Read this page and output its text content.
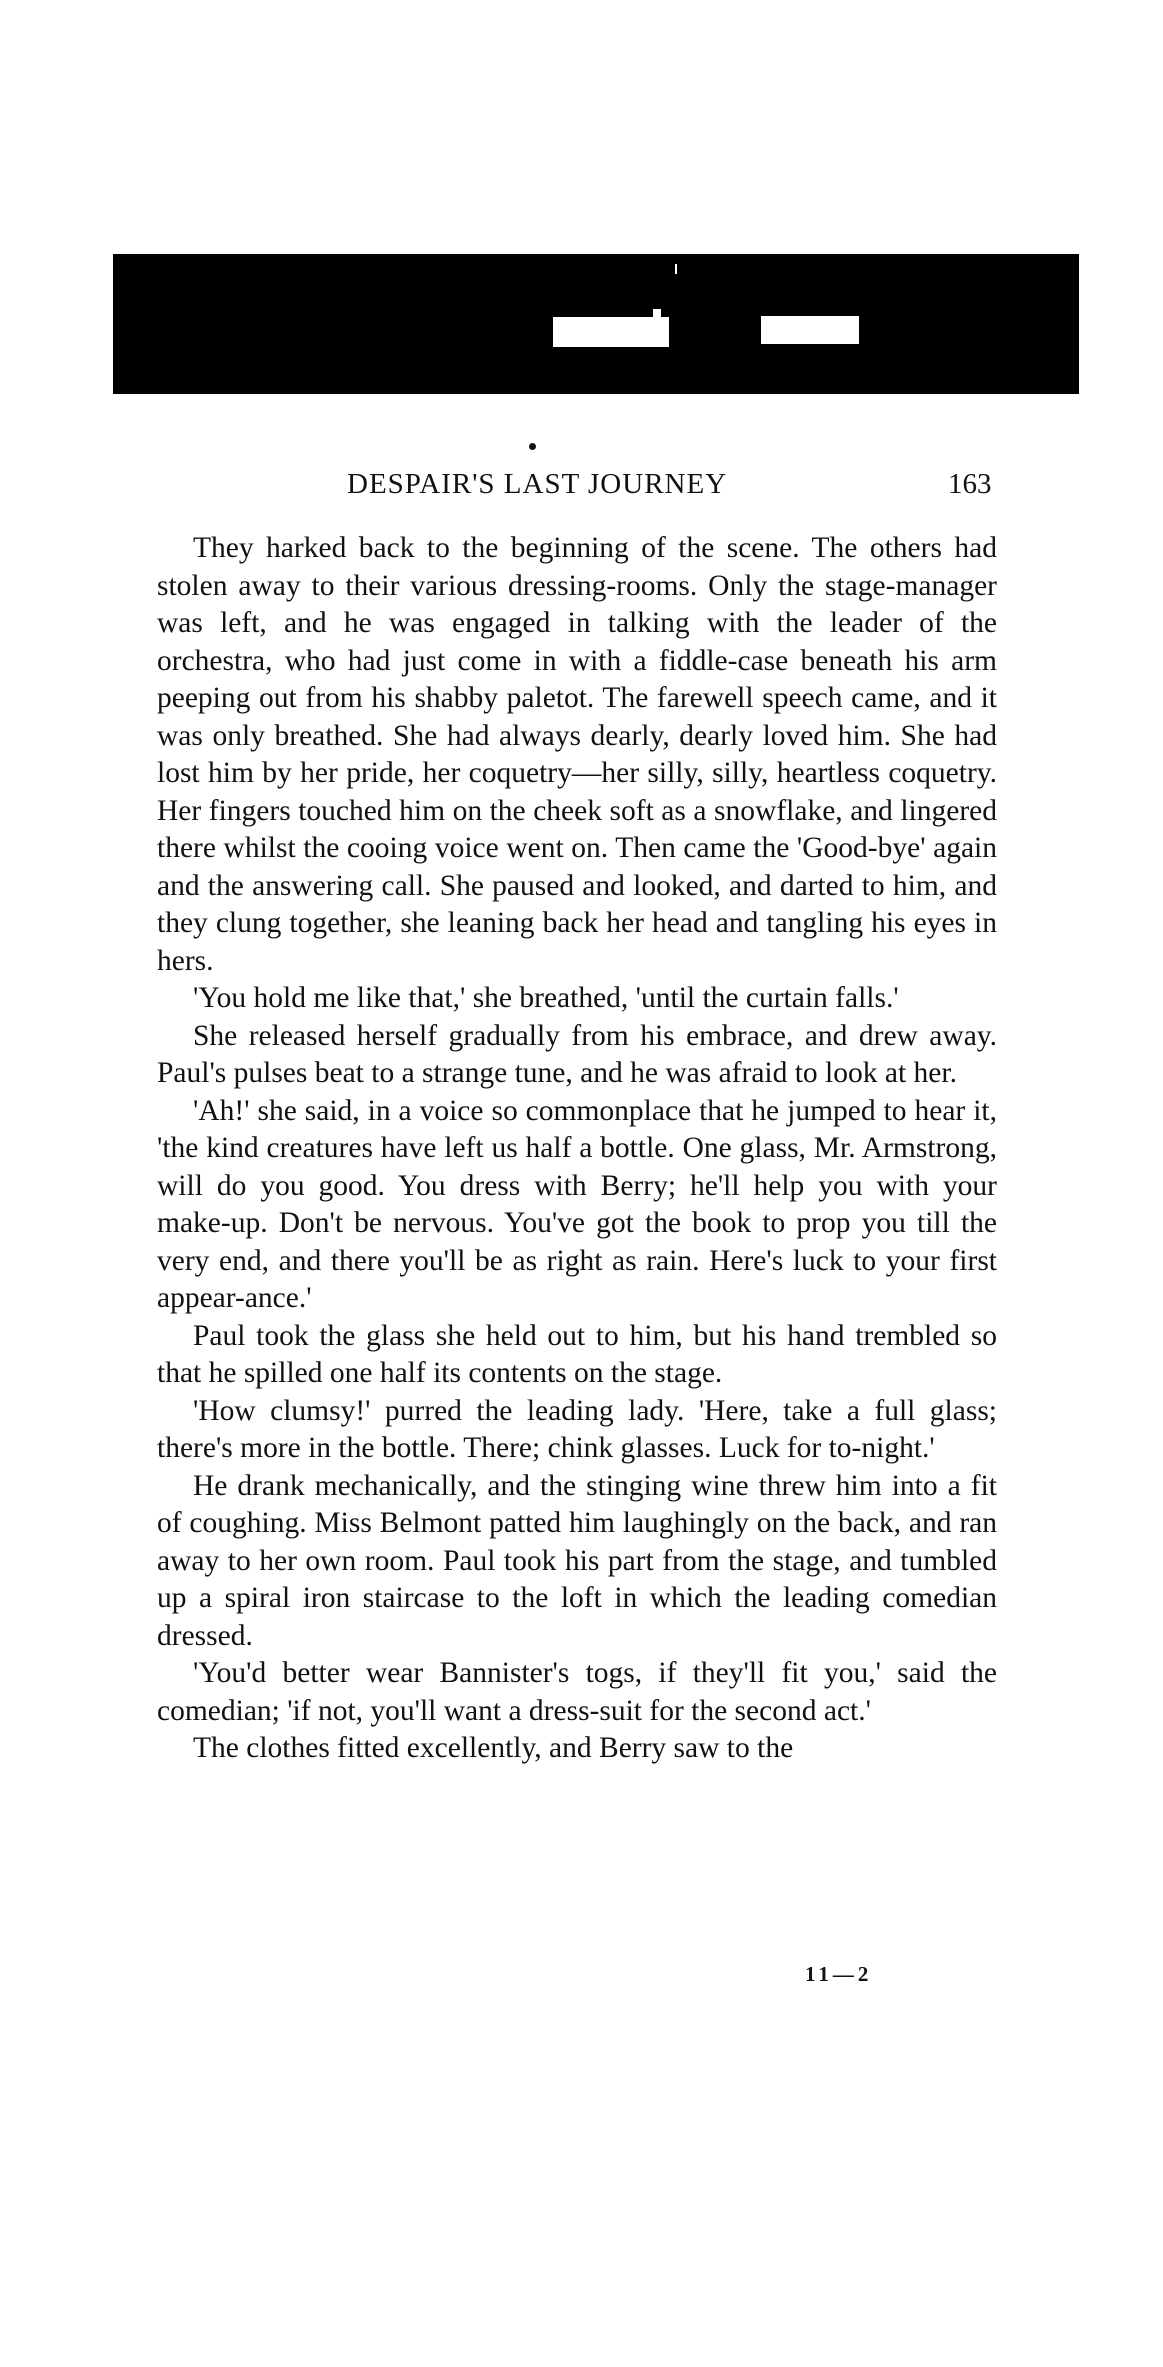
DESPAIR'S LAST JOURNEY	163

They harked back to the beginning of the scene. The others had stolen away to their various dressing-rooms. Only the stage-manager was left, and he was engaged in talking with the leader of the orchestra, who had just come in with a fiddle-case beneath his arm peeping out from his shabby paletot. The farewell speech came, and it was only breathed. She had always dearly, dearly loved him. She had lost him by her pride, her coquetry—her silly, silly, heartless coquetry. Her fingers touched him on the cheek soft as a snowflake, and lingered there whilst the cooing voice went on. Then came the 'Good-bye' again and the answering call. She paused and looked, and darted to him, and they clung together, she leaning back her head and tangling his eyes in hers.

'You hold me like that,' she breathed, 'until the curtain falls.'

She released herself gradually from his embrace, and drew away. Paul's pulses beat to a strange tune, and he was afraid to look at her.

'Ah!' she said, in a voice so commonplace that he jumped to hear it, 'the kind creatures have left us half a bottle. One glass, Mr. Armstrong, will do you good. You dress with Berry; he'll help you with your make-up. Don't be nervous. You've got the book to prop you till the very end, and there you'll be as right as rain. Here's luck to your first appear-ance.'

Paul took the glass she held out to him, but his hand trembled so that he spilled one half its contents on the stage.

'How clumsy!' purred the leading lady. 'Here, take a full glass; there's more in the bottle. There; chink glasses. Luck for to-night.'

He drank mechanically, and the stinging wine threw him into a fit of coughing. Miss Belmont patted him laughingly on the back, and ran away to her own room. Paul took his part from the stage, and tumbled up a spiral iron staircase to the loft in which the leading comedian dressed.

'You'd better wear Bannister's togs, if they'll fit you,' said the comedian; 'if not, you'll want a dress-suit for the second act.'

The clothes fitted excellently, and Berry saw to the

11—2
